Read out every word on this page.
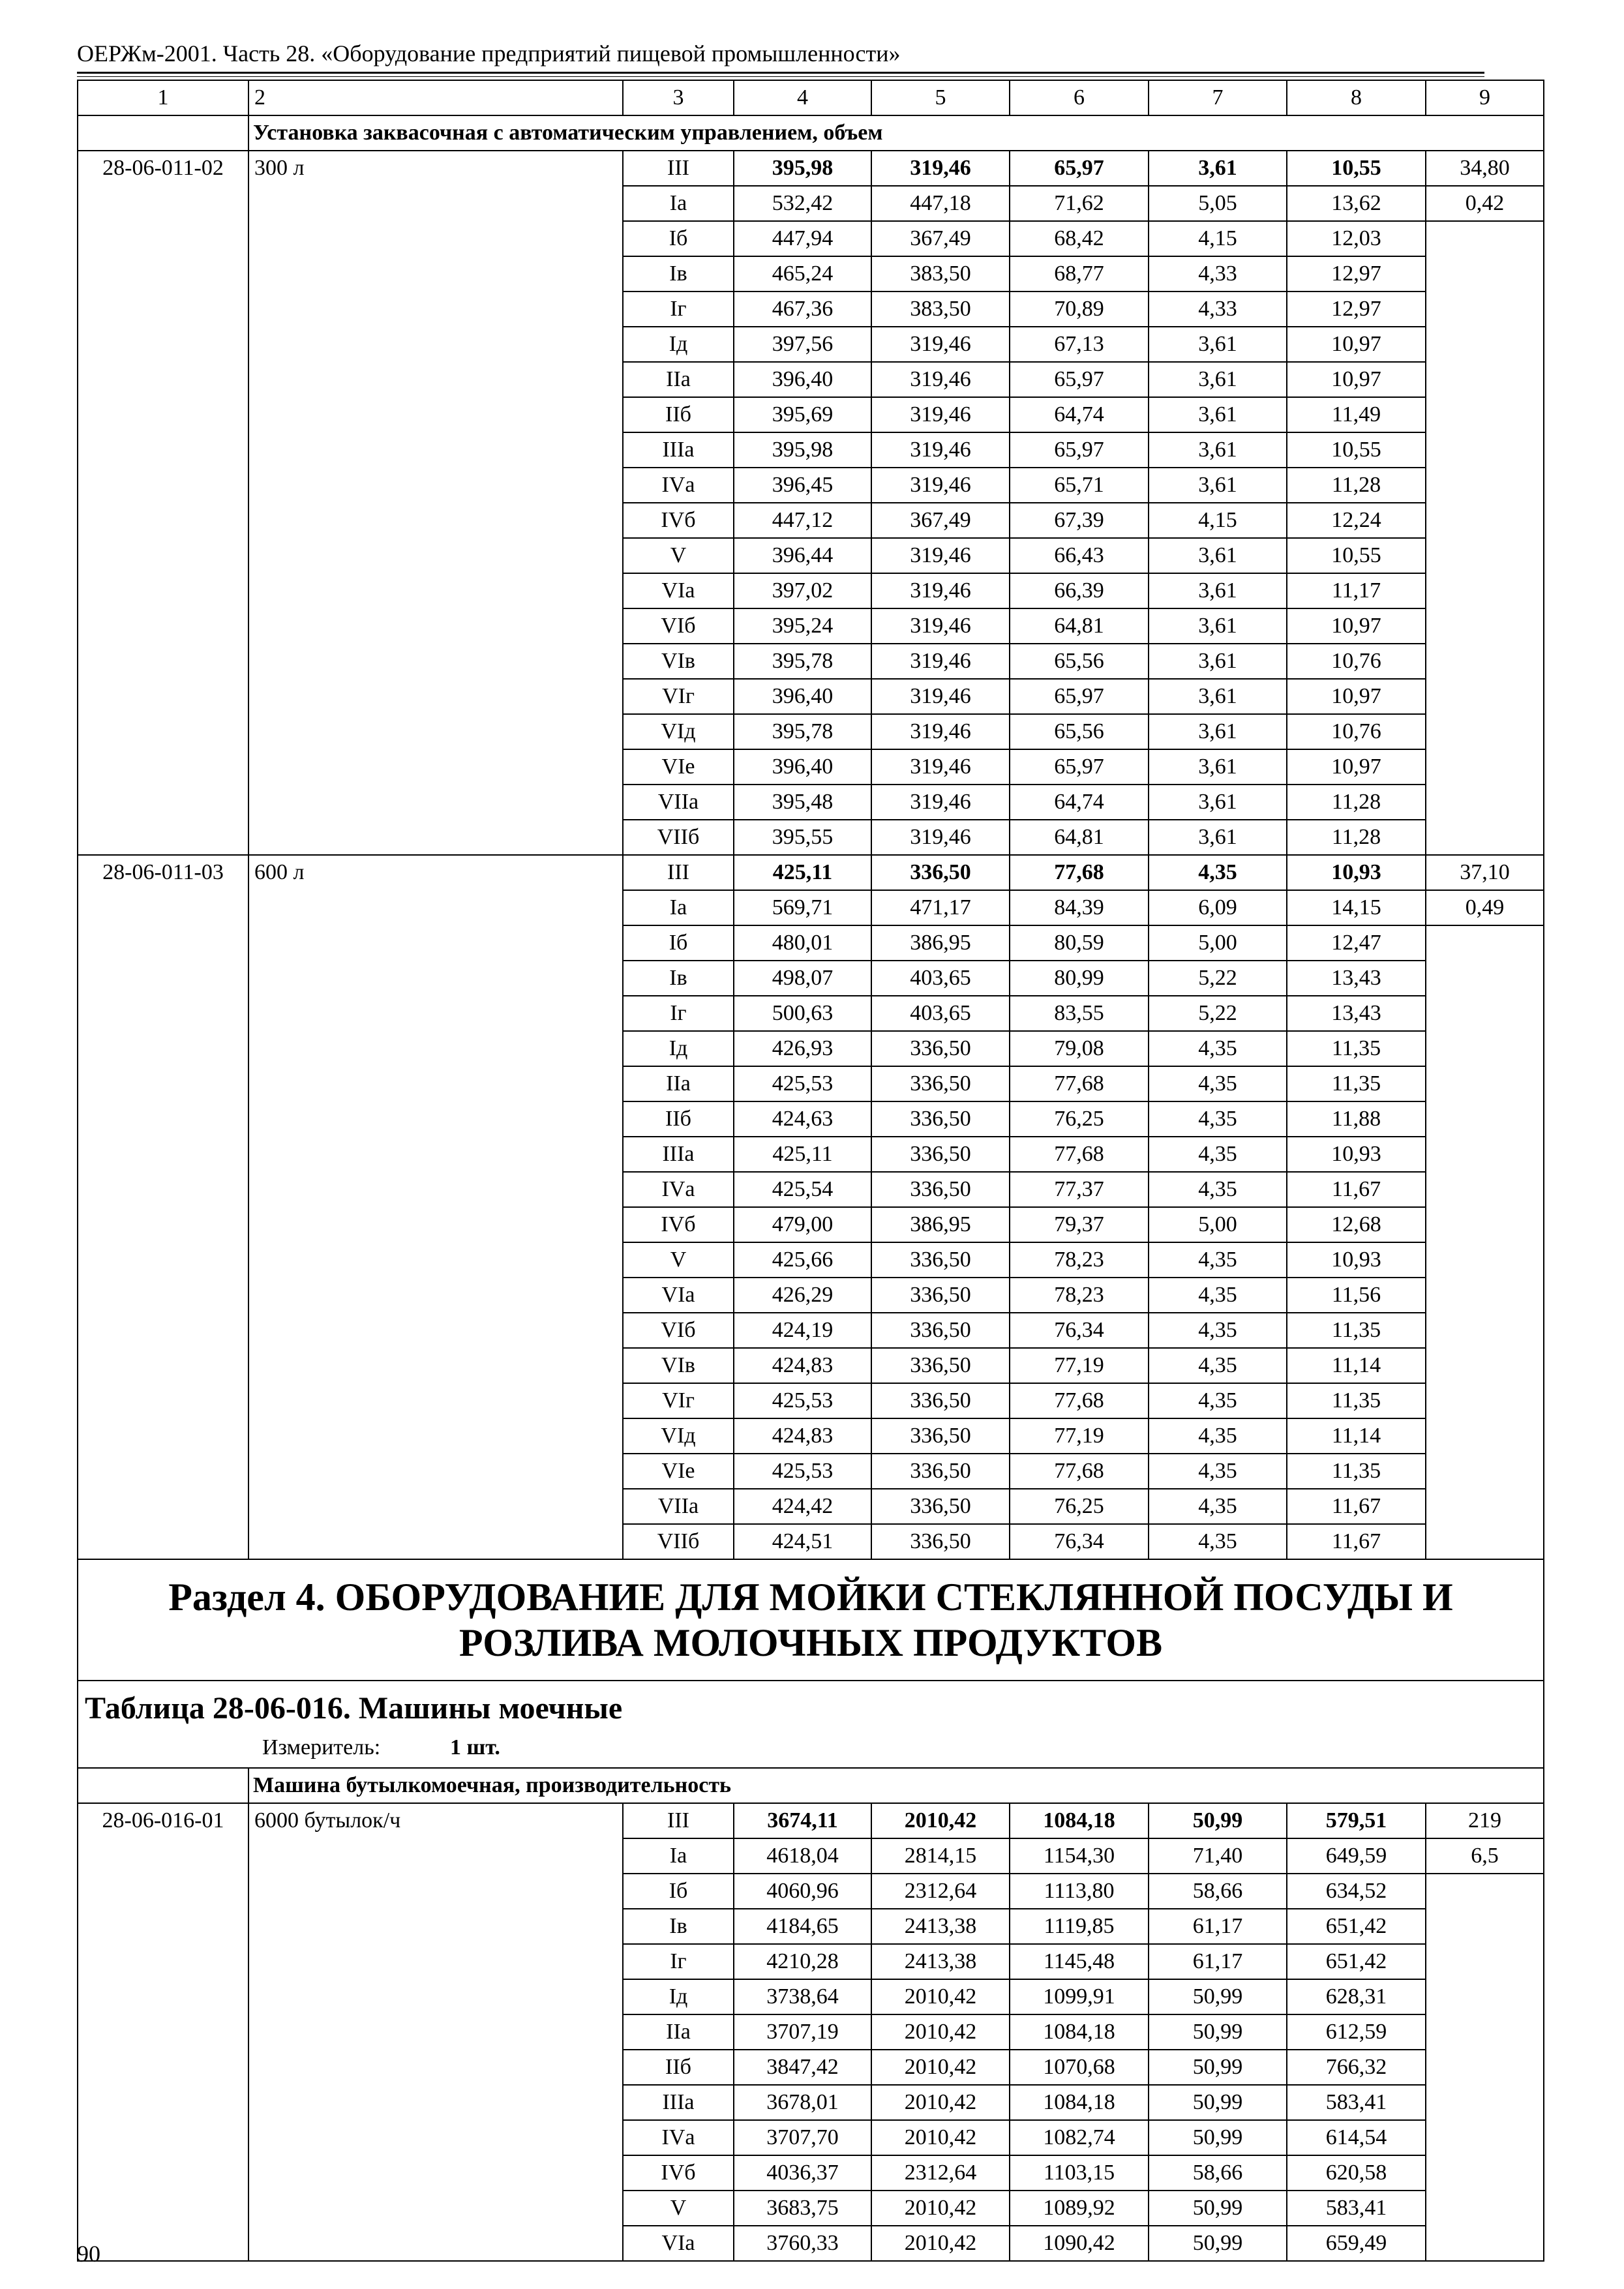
ОЕРЖм-2001. Часть 28. «Оборудование предприятий пищевой промышленности»
1	2	3	4	5	6	7	8	9
	Установка заквасочная с автоматическим управлением, объем							
28-06-011-02	300 л	III	395,98	319,46	65,97	3,61	10,55	34,80
		Iа	532,42	447,18	71,62	5,05	13,62	0,42
		Iб	447,94	367,49	68,42	4,15	12,03	
		Iв	465,24	383,50	68,77	4,33	12,97	
		Iг	467,36	383,50	70,89	4,33	12,97	
		Iд	397,56	319,46	67,13	3,61	10,97	
		IIа	396,40	319,46	65,97	3,61	10,97	
		IIб	395,69	319,46	64,74	3,61	11,49	
		IIIа	395,98	319,46	65,97	3,61	10,55	
		IVа	396,45	319,46	65,71	3,61	11,28	
		IVб	447,12	367,49	67,39	4,15	12,24	
		V	396,44	319,46	66,43	3,61	10,55	
		VIа	397,02	319,46	66,39	3,61	11,17	
		VIб	395,24	319,46	64,81	3,61	10,97	
		VIв	395,78	319,46	65,56	3,61	10,76	
		VIг	396,40	319,46	65,97	3,61	10,97	
		VIд	395,78	319,46	65,56	3,61	10,76	
		VIе	396,40	319,46	65,97	3,61	10,97	
		VIIа	395,48	319,46	64,74	3,61	11,28	
		VIIб	395,55	319,46	64,81	3,61	11,28	
28-06-011-03	600 л	III	425,11	336,50	77,68	4,35	10,93	37,10
		Iа	569,71	471,17	84,39	6,09	14,15	0,49
		Iб	480,01	386,95	80,59	5,00	12,47	
		Iв	498,07	403,65	80,99	5,22	13,43	
		Iг	500,63	403,65	83,55	5,22	13,43	
		Iд	426,93	336,50	79,08	4,35	11,35	
		IIа	425,53	336,50	77,68	4,35	11,35	
		IIб	424,63	336,50	76,25	4,35	11,88	
		IIIа	425,11	336,50	77,68	4,35	10,93	
		IVа	425,54	336,50	77,37	4,35	11,67	
		IVб	479,00	386,95	79,37	5,00	12,68	
		V	425,66	336,50	78,23	4,35	10,93	
		VIа	426,29	336,50	78,23	4,35	11,56	
		VIб	424,19	336,50	76,34	4,35	11,35	
		VIв	424,83	336,50	77,19	4,35	11,14	
		VIг	425,53	336,50	77,68	4,35	11,35	
		VIд	424,83	336,50	77,19	4,35	11,14	
		VIе	425,53	336,50	77,68	4,35	11,35	
		VIIа	424,42	336,50	76,25	4,35	11,67	
		VIIб	424,51	336,50	76,34	4,35	11,67	
Раздел 4. ОБОРУДОВАНИЕ ДЛЯ МОЙКИ СТЕКЛЯННОЙ ПОСУДЫ И РОЗЛИВА МОЛОЧНЫХ ПРОДУКТОВ								

Таблица 28-06-016. Машины моечные
Измеритель: 1 шт.								

	Машина бутылкомоечная, производительность							
28-06-016-01	6000 бутылок/ч	III	3674,11	2010,42	1084,18	50,99	579,51	219
		Iа	4618,04	2814,15	1154,30	71,40	649,59	6,5
		Iб	4060,96	2312,64	1113,80	58,66	634,52	
		Iв	4184,65	2413,38	1119,85	61,17	651,42	
		Iг	4210,28	2413,38	1145,48	61,17	651,42	
		Iд	3738,64	2010,42	1099,91	50,99	628,31	
		IIа	3707,19	2010,42	1084,18	50,99	612,59	
		IIб	3847,42	2010,42	1070,68	50,99	766,32	
		IIIа	3678,01	2010,42	1084,18	50,99	583,41	
		IVа	3707,70	2010,42	1082,74	50,99	614,54	
		IVб	4036,37	2312,64	1103,15	58,66	620,58	
		V	3683,75	2010,42	1089,92	50,99	583,41	
		VIа	3760,33	2010,42	1090,42	50,99	659,49	
90
